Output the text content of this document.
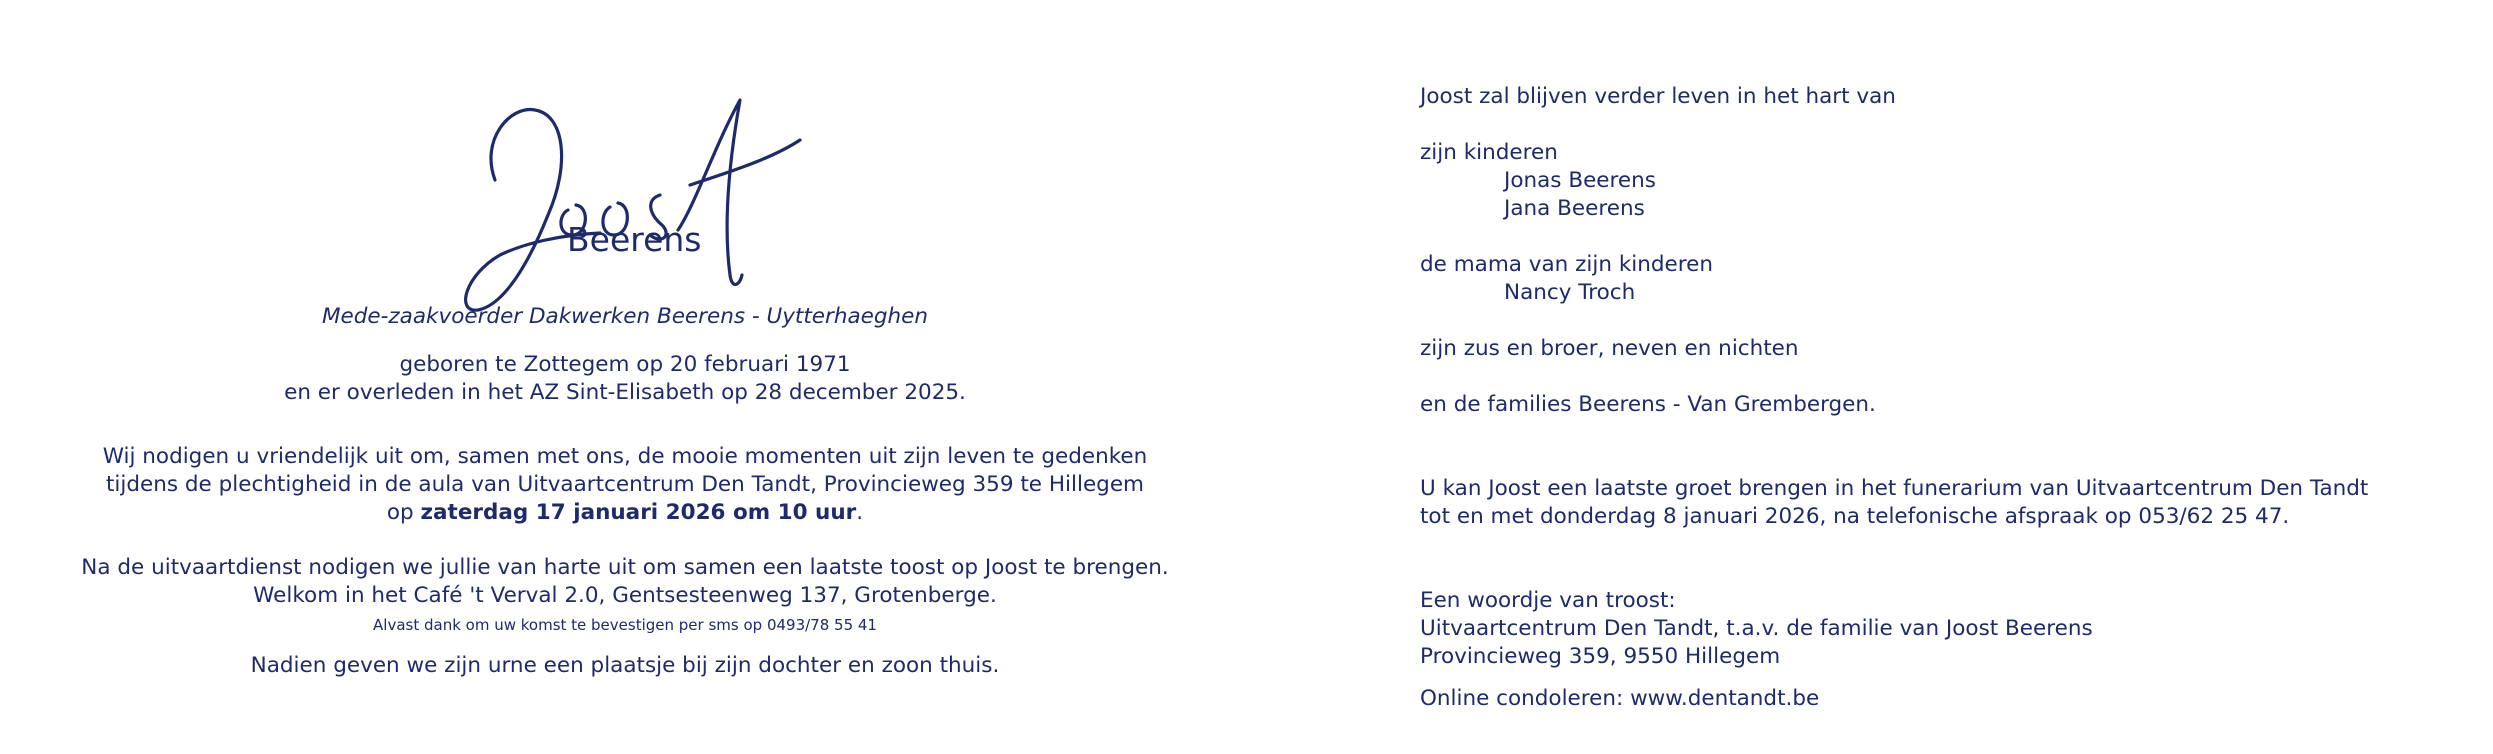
Beerens
Mede-zaakvoerder Dakwerken Beerens - Uytterhaeghen
geboren te Zottegem op 20 februari 1971
en er overleden in het AZ Sint-Elisabeth op 28 december 2025.
Wij nodigen u vriendelijk uit om, samen met ons, de mooie momenten uit zijn leven te gedenken
tijdens de plechtigheid in de aula van Uitvaartcentrum Den Tandt, Provincieweg 359 te Hillegem
op zaterdag 17 januari 2026 om 10 uur.
Na de uitvaartdienst nodigen we jullie van harte uit om samen een laatste toost op Joost te brengen.
Welkom in het Café 't Verval 2.0, Gentsesteenweg 137, Grotenberge.
Alvast dank om uw komst te bevestigen per sms op 0493/78 55 41
Nadien geven we zijn urne een plaatsje bij zijn dochter en zoon thuis.
Joost zal blijven verder leven in het hart van
zijn kinderen
Jonas Beerens
Jana Beerens
de mama van zijn kinderen
Nancy Troch
zijn zus en broer, neven en nichten
en de families Beerens - Van Grembergen.
U kan Joost een laatste groet brengen in het funerarium van Uitvaartcentrum Den Tandt
tot en met donderdag 8 januari 2026, na telefonische afspraak op 053/62 25 47.
Een woordje van troost:
Uitvaartcentrum Den Tandt, t.a.v. de familie van Joost Beerens
Provincieweg 359, 9550 Hillegem
Online condoleren: www.dentandt.be
